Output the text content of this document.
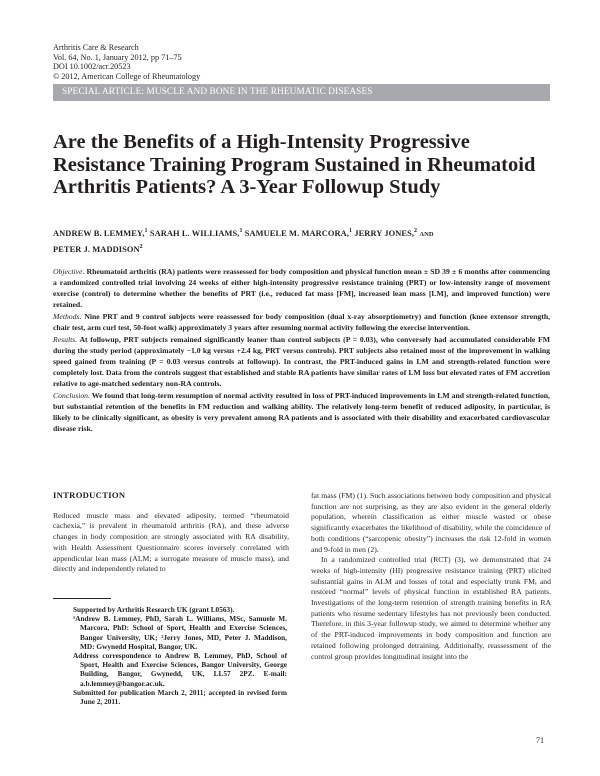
Arthritis Care & Research
Vol. 64, No. 1, January 2012, pp 71–75
DOI 10.1002/acr.20523
© 2012, American College of Rheumatology
SPECIAL ARTICLE: MUSCLE AND BONE IN THE RHEUMATIC DISEASES
Are the Benefits of a High-Intensity Progressive Resistance Training Program Sustained in Rheumatoid Arthritis Patients? A 3-Year Followup Study
ANDREW B. LEMMEY,$^1$ SARAH L. WILLIAMS,$^1$ SAMUELE M. MARCORA,$^1$ JERRY JONES,$^2$ AND
PETER J. MADDISON$^2$

Objective. Rheumatoid arthritis (RA) patients were reassessed for body composition and physical function mean ± SD 39 ± 6 months after commencing a randomized controlled trial involving 24 weeks of either high-intensity progressive resistance training (PRT) or low-intensity range of movement exercise (control) to determine whether the benefits of PRT (i.e., reduced fat mass [FM], increased lean mass [LM], and improved function) were retained.

Methods. Nine PRT and 9 control subjects were reassessed for body composition (dual x-ray absorptiometry) and function (knee extensor strength, chair test, arm curl test, 50-foot walk) approximately 3 years after resuming normal activity following the exercise intervention.

Results. At followup, PRT subjects remained significantly leaner than control subjects (P = 0.03), who conversely had accumulated considerable FM during the study period (approximately −1.0 kg versus +2.4 kg, PRT versus controls). PRT subjects also retained most of the improvement in walking speed gained from training (P = 0.03 versus controls at followup). In contrast, the PRT-induced gains in LM and strength-related function were completely lost. Data from the controls suggest that established and stable RA patients have similar rates of LM loss but elevated rates of FM accretion relative to age-matched sedentary non-RA controls.

Conclusion. We found that long-term resumption of normal activity resulted in loss of PRT-induced improvements in LM and strength-related function, but substantial retention of the benefits in FM reduction and walking ability. The relatively long-term benefit of reduced adiposity, in particular, is likely to be clinically significant, as obesity is very prevalent among RA patients and is associated with their disability and exacerbated cardiovascular disease risk.

INTRODUCTION

Reduced muscle mass and elevated adiposity, termed “rheumatoid cachexia,” is prevalent in rheumatoid arthritis (RA), and these adverse changes in body composition are strongly associated with RA disability, with Health Assessment Questionnaire scores inversely correlated with appendicular lean mass (ALM; a surrogate measure of muscle mass), and directly and independently related to

Supported by Arthritis Research UK (grant L0563).

¹Andrew B. Lemmey, PhD, Sarah L. Williams, MSc, Samuele M. Marcora, PhD: School of Sport, Health and Exercise Sciences, Bangor University, UK; ²Jerry Jones, MD, Peter J. Maddison, MD: Gwynedd Hospital, Bangor, UK.

Address correspondence to Andrew B. Lemmey, PhD, School of Sport, Health and Exercise Sciences, Bangor University, George Building, Bangor, Gwynedd, UK, LL57 2PZ. E-mail: a.b.lemmey@bangor.ac.uk.

Submitted for publication March 2, 2011; accepted in revised form June 2, 2011.

fat mass (FM) (1). Such associations between body composition and physical function are not surprising, as they are also evident in the general elderly population, wherein classification as either muscle wasted or obese significantly exacerbates the likelihood of disability, while the coincidence of both conditions (“sarcopenic obesity”) increases the risk 12-fold in women and 9-fold in men (2).

In a randomized controlled trial (RCT) (3), we demonstrated that 24 weeks of high-intensity (HI) progressive resistance training (PRT) elicited substantial gains in ALM and losses of total and especially trunk FM, and restored “normal” levels of physical function in established RA patients. Investigations of the long-term retention of strength training benefits in RA patients who resume sedentary lifestyles has not previously been conducted. Therefore, in this 3-year followup study, we aimed to determine whether any of the PRT-induced improvements in body composition and function are retained following prolonged detraining. Additionally, reassessment of the control group provides longitudinal insight into the

71
